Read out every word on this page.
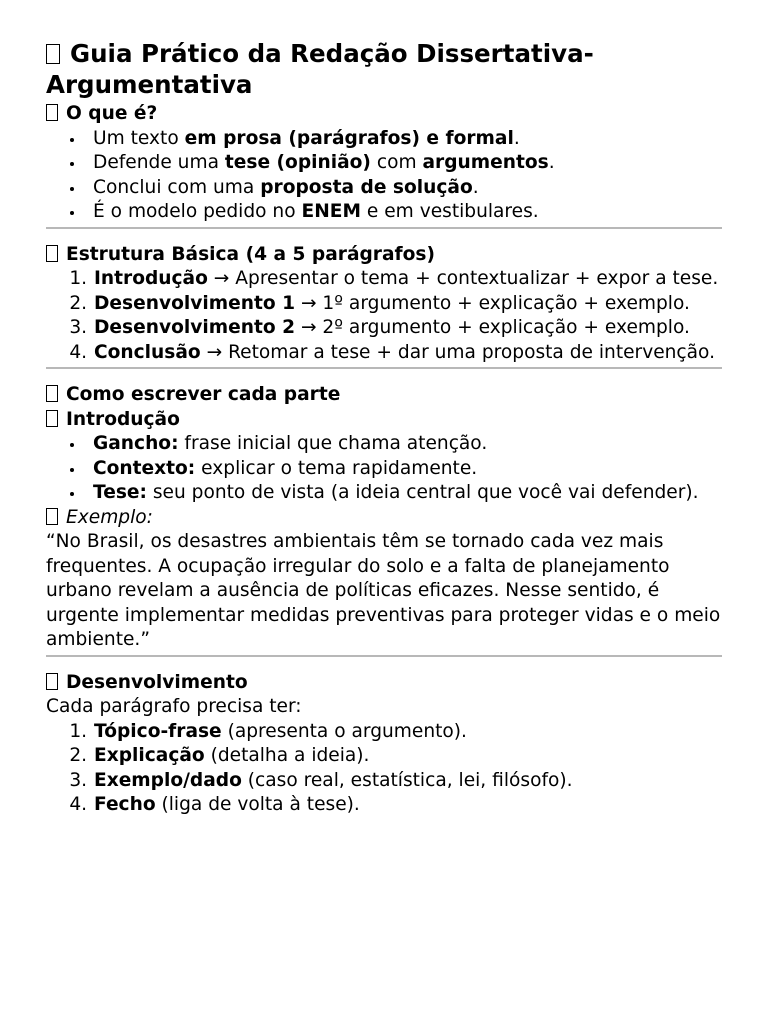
Guia Prático da Redação Dissertativa-Argumentativa

O que é?

Um texto em prosa (parágrafos) e formal.
Defende uma tese (opinião) com argumentos.
Conclui com uma proposta de solução.
É o modelo pedido no ENEM e em vestibulares.

Estrutura Básica (4 a 5 parágrafos)

1. Introdução → Apresentar o tema + contextualizar + expor a tese.
2. Desenvolvimento 1 → 1º argumento + explicação + exemplo.
3. Desenvolvimento 2 → 2º argumento + explicação + exemplo.
4. Conclusão → Retomar a tese + dar uma proposta de intervenção.

Como escrever cada parte

Introdução

Gancho: frase inicial que chama atenção.
Contexto: explicar o tema rapidamente.
Tese: seu ponto de vista (a ideia central que você vai defender).

Exemplo:

“No Brasil, os desastres ambientais têm se tornado cada vez mais frequentes. A ocupação irregular do solo e a falta de planejamento urbano revelam a ausência de políticas eficazes. Nesse sentido, é urgente implementar medidas preventivas para proteger vidas e o meio ambiente.”

Desenvolvimento

Cada parágrafo precisa ter:

1. Tópico-frase (apresenta o argumento).
2. Explicação (detalha a ideia).
3. Exemplo/dado (caso real, estatística, lei, filósofo).
4. Fecho (liga de volta à tese).
